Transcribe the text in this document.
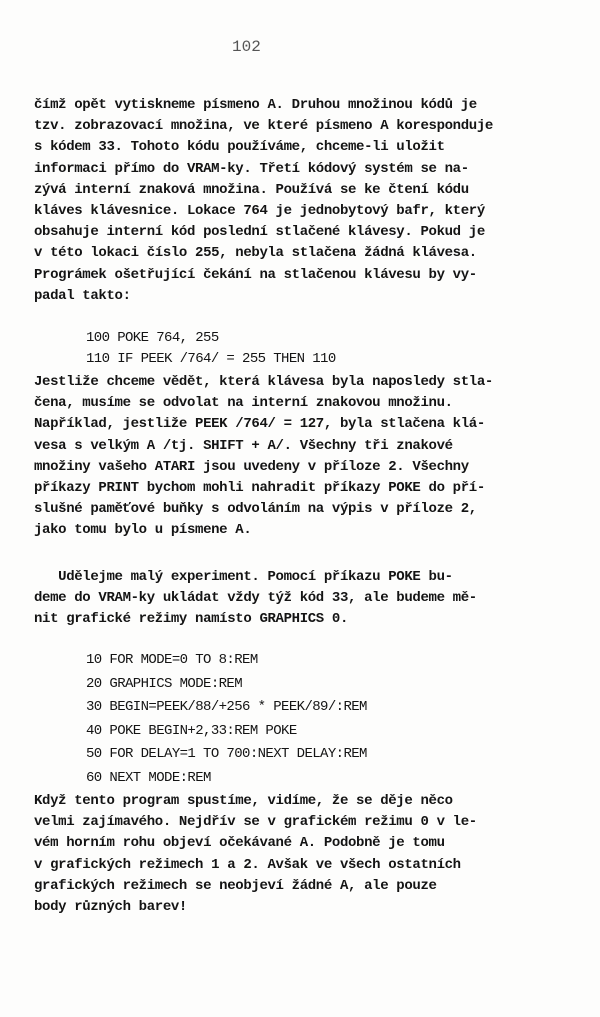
102
čímž opět vytiskneme písmeno A. Druhou množinou kódů je
tzv. zobrazovací množina, ve které písmeno A koresponduje
s kódem 33. Tohoto kódu používáme, chceme-li uložit
informaci přímo do VRAM-ky. Třetí kódový systém se na-
zývá interní znaková množina. Používá se ke čtení kódu
kláves klávesnice. Lokace 764 je jednobytový bafr, který
obsahuje interní kód poslední stlačené klávesy. Pokud je
v této lokaci číslo 255, nebyla stlačena žádná klávesa.
Prográmek ošetřující čekání na stlačenou klávesu by vy-
padal takto:
100 POKE 764, 255
110 IF PEEK /764/ = 255 THEN 110
Jestliže chceme vědět, která klávesa byla naposledy stla-
čena, musíme se odvolat na interní znakovou množinu.
Například, jestliže PEEK /764/ = 127, byla stlačena klá-
vesa s velkým A /tj. SHIFT + A/. Všechny tři znakové
množiny vašeho ATARI jsou uvedeny v příloze 2. Všechny
příkazy PRINT bychom mohli nahradit příkazy POKE do pří-
slušné paměťové buňky s odvoláním na výpis v příloze 2,
jako tomu bylo u písmene A.
Udělejme malý experiment. Pomocí příkazu POKE bu-
deme do VRAM-ky ukládat vždy týž kód 33, ale budeme mě-
nit grafické režimy namísto GRAPHICS 0.
10 FOR MODE=0 TO 8:REM
20 GRAPHICS MODE:REM
30 BEGIN=PEEK/88/+256 * PEEK/89/:REM
40 POKE BEGIN+2,33:REM POKE
50 FOR DELAY=1 TO 700:NEXT DELAY:REM
60 NEXT MODE:REM
Když tento program spustíme, vidíme, že se děje něco
velmi zajímavého. Nejdřív se v grafickém režimu 0 v le-
vém horním rohu objeví očekávané A. Podobně je tomu
v grafických režimech 1 a 2. Avšak ve všech ostatních
grafických režimech se neobjeví žádné A, ale pouze
body různých barev!
